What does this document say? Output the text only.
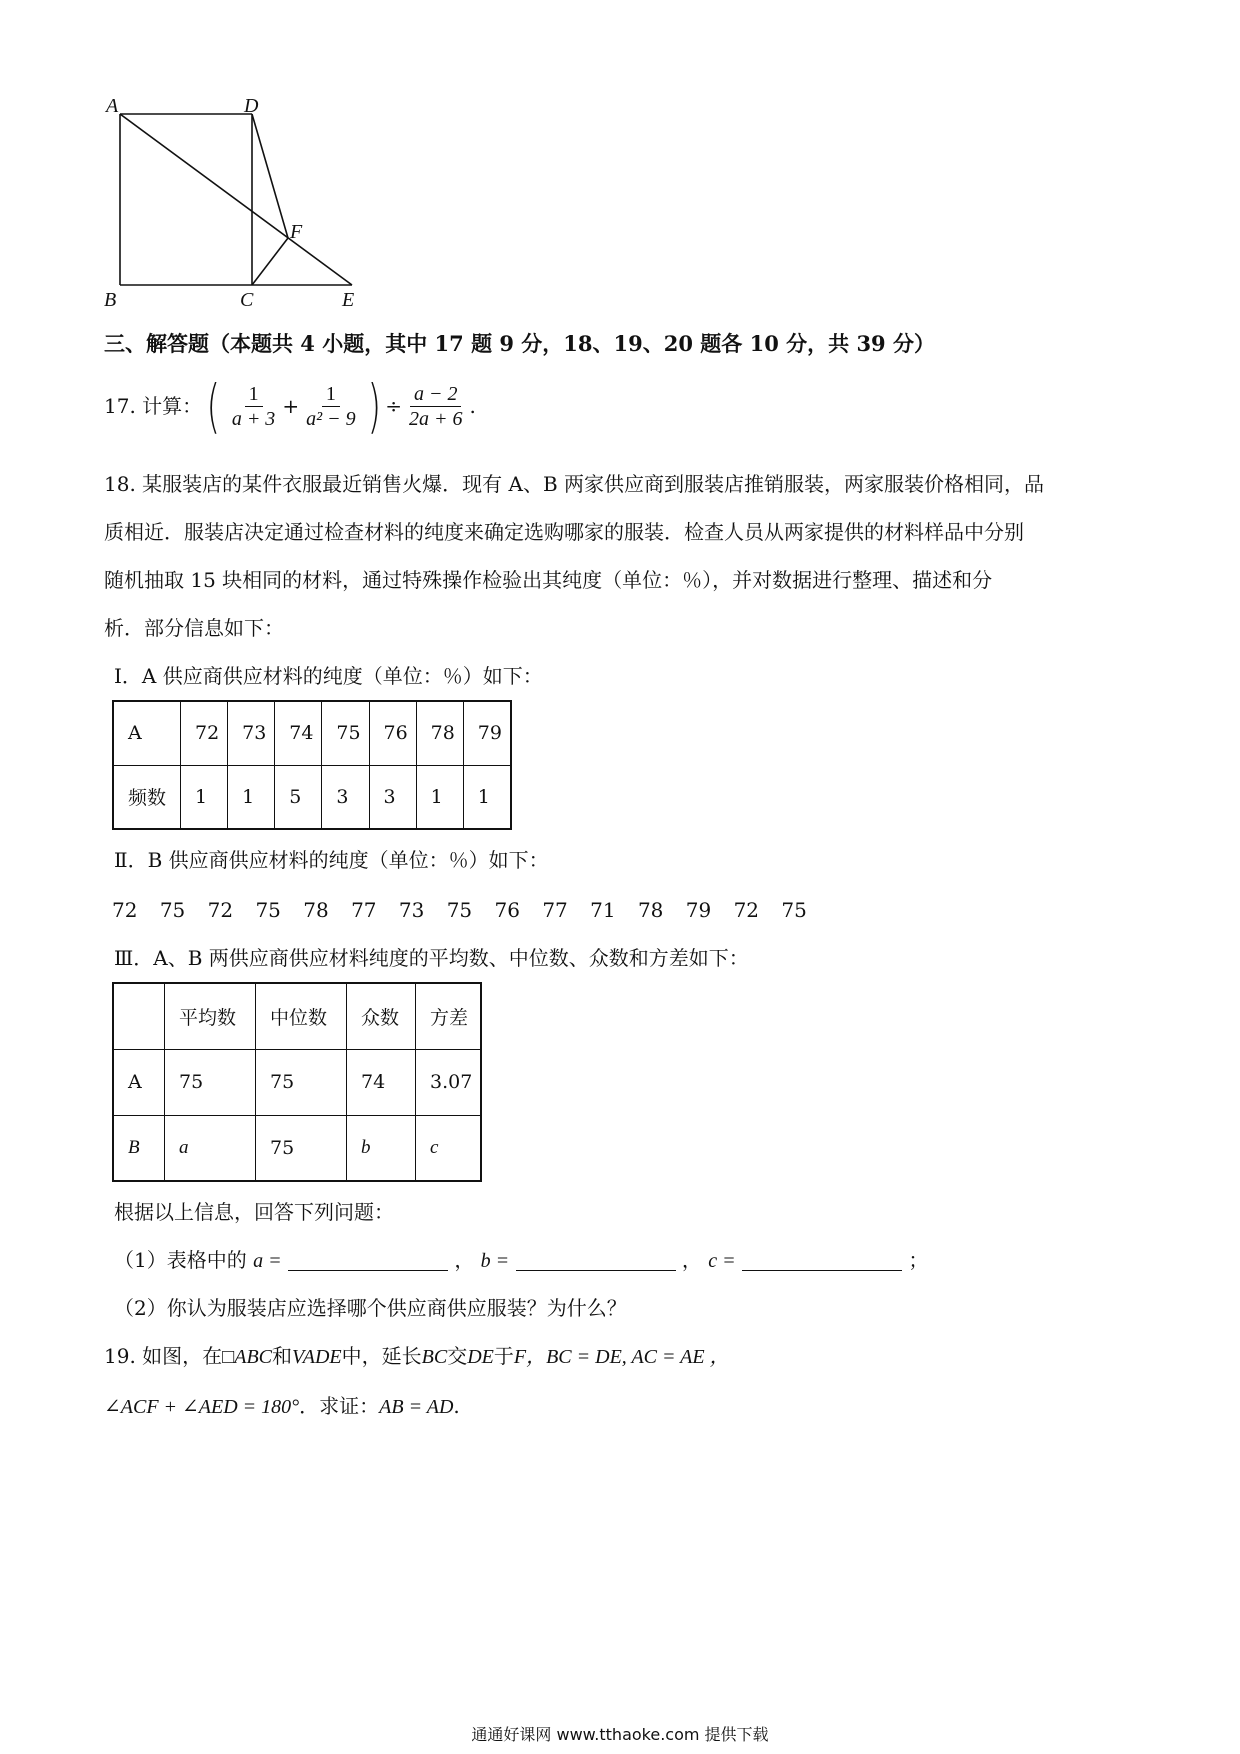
A	D
F
B	C	E
三、解答题（本题共 4 小题，其中 17 题 9 分，18、19、20 题各 10 分，共 39 分）
17. 计算： ( $\frac{1}{a + 3} + \frac{1}{\text{a² − 9}}$ ) ÷ $\frac{a - 2}{2a + 6}$ .
18. 某服装店的某件衣服最近销售火爆．现有 A、B 两家供应商到服装店推销服装，两家服装价格相同，品
质相近．服装店决定通过检查材料的纯度来确定选购哪家的服装．检查人员从两家提供的材料样品中分别
随机抽取 15 块相同的材料，通过特殊操作检验出其纯度（单位：％），并对数据进行整理、描述和分
析．部分信息如下：
Ⅰ．A 供应商供应材料的纯度（单位：％）如下：
A	72	73	74	75	76	78	79

频数	1	1	5	3	3	1	1
Ⅱ．B 供应商供应材料的纯度（单位：％）如下：
72 75 72 75 78 77 73 75 76 77 71 78 79 72 75
Ⅲ．A、B 两供应商供应材料纯度的平均数、中位数、众数和方差如下：

	平均数	中位数	众数	方差

A	75	75	74	3.07

B	a	75	b	c
根据以上信息，回答下列问题：
（1）表格中的 a =	， b =	， c =	；
（2）你认为服装店应选择哪个供应商供应服装？为什么？
19. 如图，在□ABC和VADE中，延长BC交DE于F，BC = DE, AC = AE ，
∠ACF + ∠AED = 180°．求证：AB = AD.
通通好课网 www.tthaoke.com 提供下载
